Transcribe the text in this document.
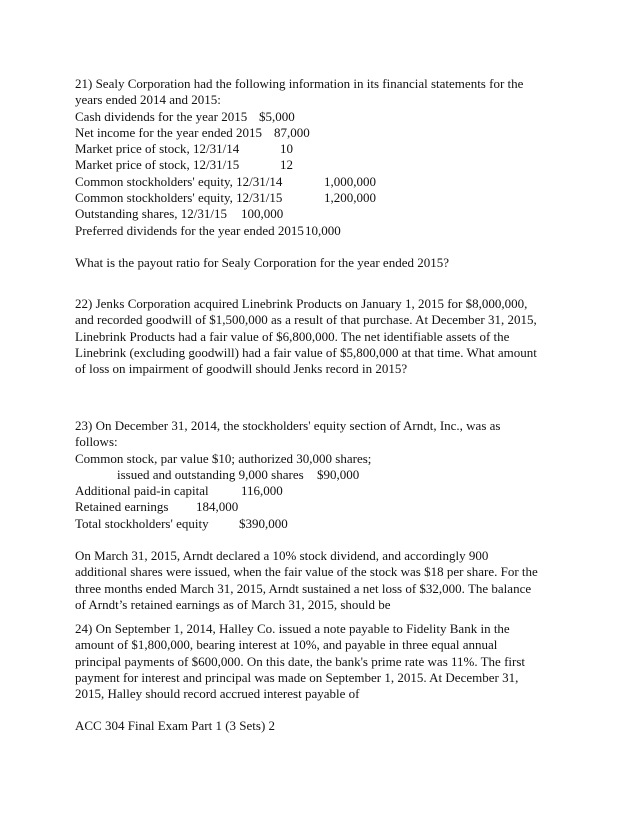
21) Sealy Corporation had the following information in its financial statements for the
years ended 2014 and 2015:
Cash dividends for the year 2015 $5,000
Net income for the year ended 2015 87,000
Market price of stock, 12/31/14	10
Market price of stock, 12/31/15	12
Common stockholders' equity, 12/31/14	1,000,000
Common stockholders' equity, 12/31/15	1,200,000
Outstanding shares, 12/31/15 100,000
Preferred dividends for the year ended 2015 10,000
What is the payout ratio for Sealy Corporation for the year ended 2015?
22) Jenks Corporation acquired Linebrink Products on January 1, 2015 for $8,000,000,
and recorded goodwill of $1,500,000 as a result of that purchase. At December 31, 2015,
Linebrink Products had a fair value of $6,800,000. The net identifiable assets of the
Linebrink (excluding goodwill) had a fair value of $5,800,000 at that time. What amount
of loss on impairment of goodwill should Jenks record in 2015?
23) On December 31, 2014, the stockholders' equity section of Arndt, Inc., was as
follows:
Common stock, par value $10; authorized 30,000 shares;
issued and outstanding 9,000 shares $90,000
Additional paid-in capital 116,000
Retained earnings 184,000
Total stockholders' equity $390,000
On March 31, 2015, Arndt declared a 10% stock dividend, and accordingly 900
additional shares were issued, when the fair value of the stock was $18 per share. For the
three months ended March 31, 2015, Arndt sustained a net loss of $32,000. The balance
of Arndt’s retained earnings as of March 31, 2015, should be
24) On September 1, 2014, Halley Co. issued a note payable to Fidelity Bank in the
amount of $1,800,000, bearing interest at 10%, and payable in three equal annual
principal payments of $600,000. On this date, the bank's prime rate was 11%. The first
payment for interest and principal was made on September 1, 2015. At December 31,
2015, Halley should record accrued interest payable of
ACC 304 Final Exam Part 1 (3 Sets) 2
